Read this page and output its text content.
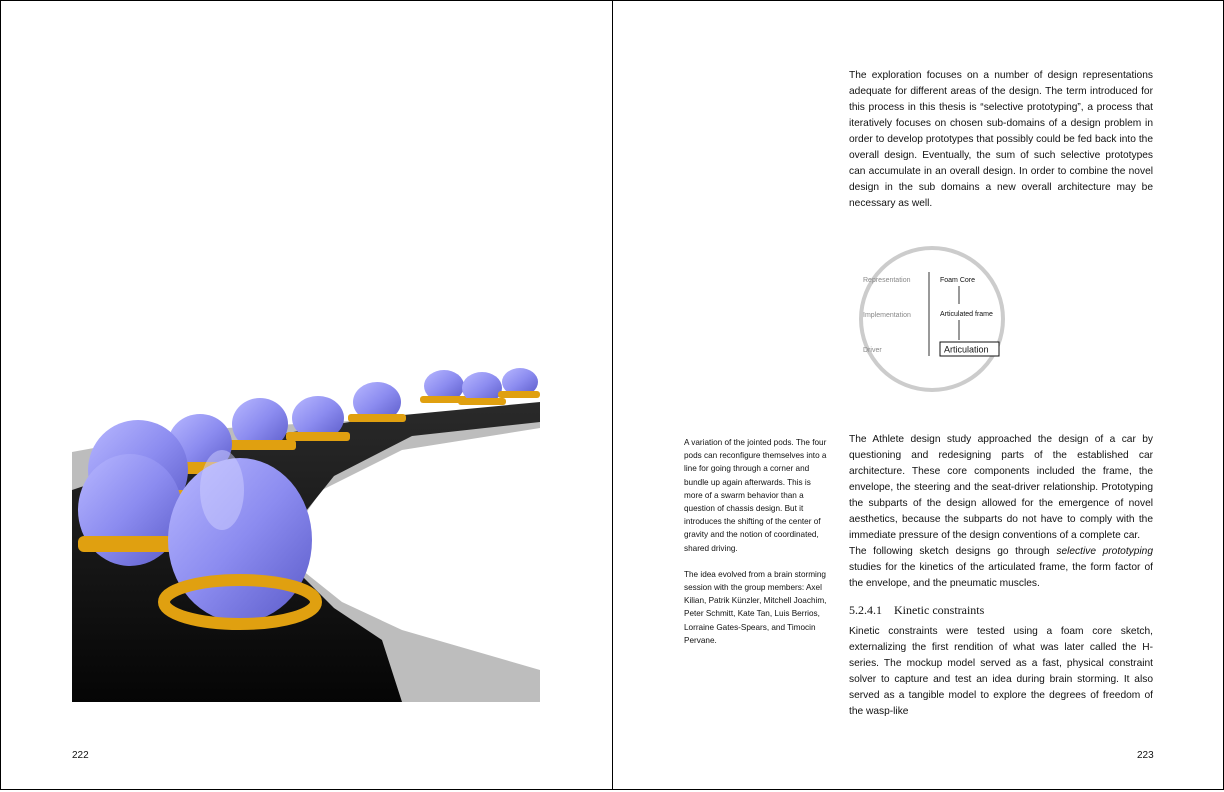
222

The exploration focuses on a number of design representations adequate for different areas of the design. The term introduced for this process in this thesis is “selective prototyping”, a process that iteratively focuses on chosen sub-domains of a design problem in order to develop prototypes that possibly could be fed back into the overall design. Eventually, the sum of such selective prototypes can accumulate in an overall design. In order to combine the novel design in the sub domains a new overall architecture may be necessary as well.

Representation
Implementation
Driver
Foam Core
Articulated frame
Articulation

A variation of the jointed pods. The four pods can reconfigure themselves into a line for going through a corner and bundle up again afterwards. This is more of a swarm behavior than a question of chassis design. But it introduces the shifting of the center of gravity and the notion of coordinated, shared driving.

The idea evolved from a brain storming session with the group members: Axel Kilian, Patrik Künzler, Mitchell Joachim, Peter Schmitt, Kate Tan, Luis Berrios, Lorraine Gates-Spears, and Timocin Pervane.

The Athlete design study approached the design of a car by questioning and redesigning parts of the established car architecture. These core components included the frame, the envelope, the steering and the seat-driver relationship. Prototyping the subparts of the design allowed for the emergence of novel aesthetics, because the subparts do not have to comply with the immediate pressure of the design conventions of a complete car.

The following sketch designs go through selective prototyping studies for the kinetics of the articulated frame, the form factor of the envelope, and the pneumatic muscles.

5.2.4.1 Kinetic constraints

Kinetic constraints were tested using a foam core sketch, externalizing the first rendition of what was later called the H-series. The mockup model served as a fast, physical constraint solver to capture and test an idea during brain storming. It also served as a tangible model to explore the degrees of freedom of the wasp-like

223
